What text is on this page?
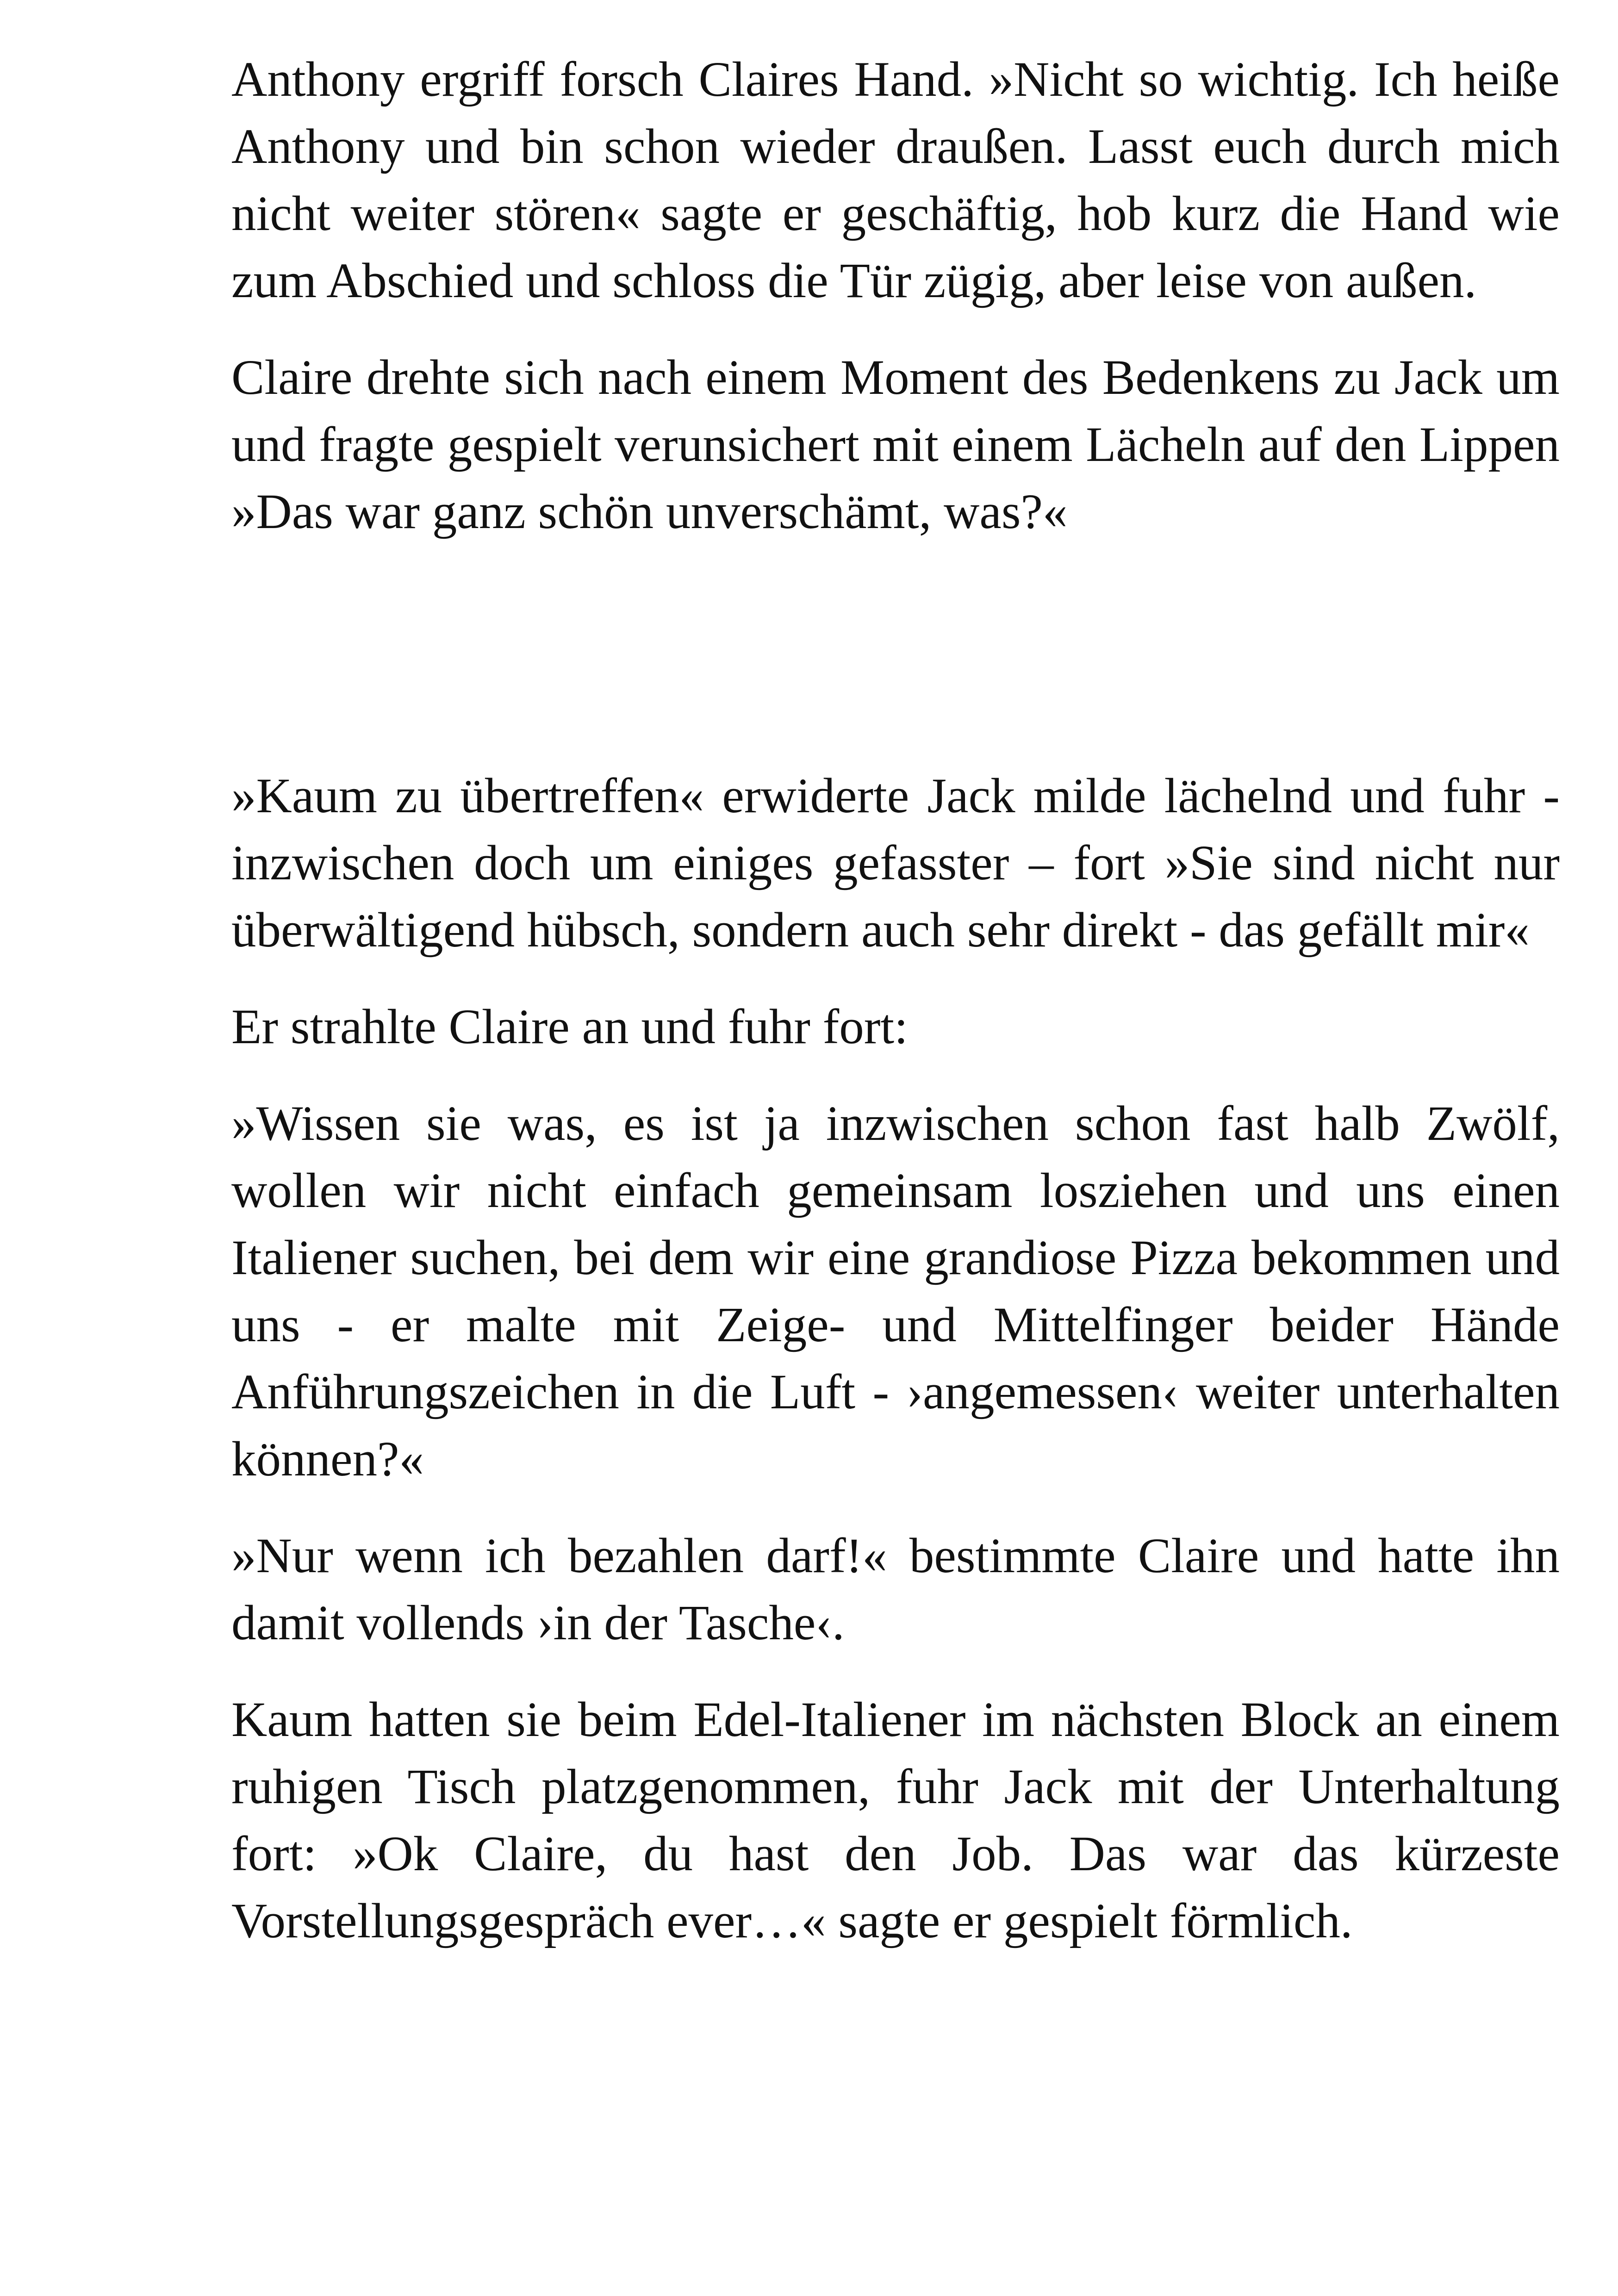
Anthony ergriff forsch Claires Hand. »Nicht so wichtig. Ich heiße Anthony und bin schon wieder draußen. Lasst euch durch mich nicht weiter stören« sagte er geschäftig, hob kurz die Hand wie zum Abschied und schloss die Tür zügig, aber leise von außen.

Claire drehte sich nach einem Moment des Bedenkens zu Jack um und fragte gespielt verunsichert mit einem Lächeln auf den Lippen »Das war ganz schön unverschämt, was?«

»Kaum zu übertreffen« erwiderte Jack milde lächelnd und fuhr - inzwischen doch um einiges gefasster – fort »Sie sind nicht nur überwältigend hübsch, sondern auch sehr direkt - das gefällt mir«

Er strahlte Claire an und fuhr fort:

»Wissen sie was, es ist ja inzwischen schon fast halb Zwölf, wollen wir nicht einfach gemeinsam losziehen und uns einen Italiener suchen, bei dem wir eine grandiose Pizza bekommen und uns - er malte mit Zeige- und Mittelfinger beider Hände Anführungszeichen in die Luft - ›angemessen‹ weiter unterhalten können?«

»Nur wenn ich bezahlen darf!« bestimmte Claire und hatte ihn damit vollends ›in der Tasche‹.

Kaum hatten sie beim Edel-Italiener im nächsten Block an einem ruhigen Tisch platzgenommen, fuhr Jack mit der Unterhaltung fort: »Ok Claire, du hast den Job. Das war das kürzeste Vorstellungsgespräch ever…« sagte er gespielt förmlich.
